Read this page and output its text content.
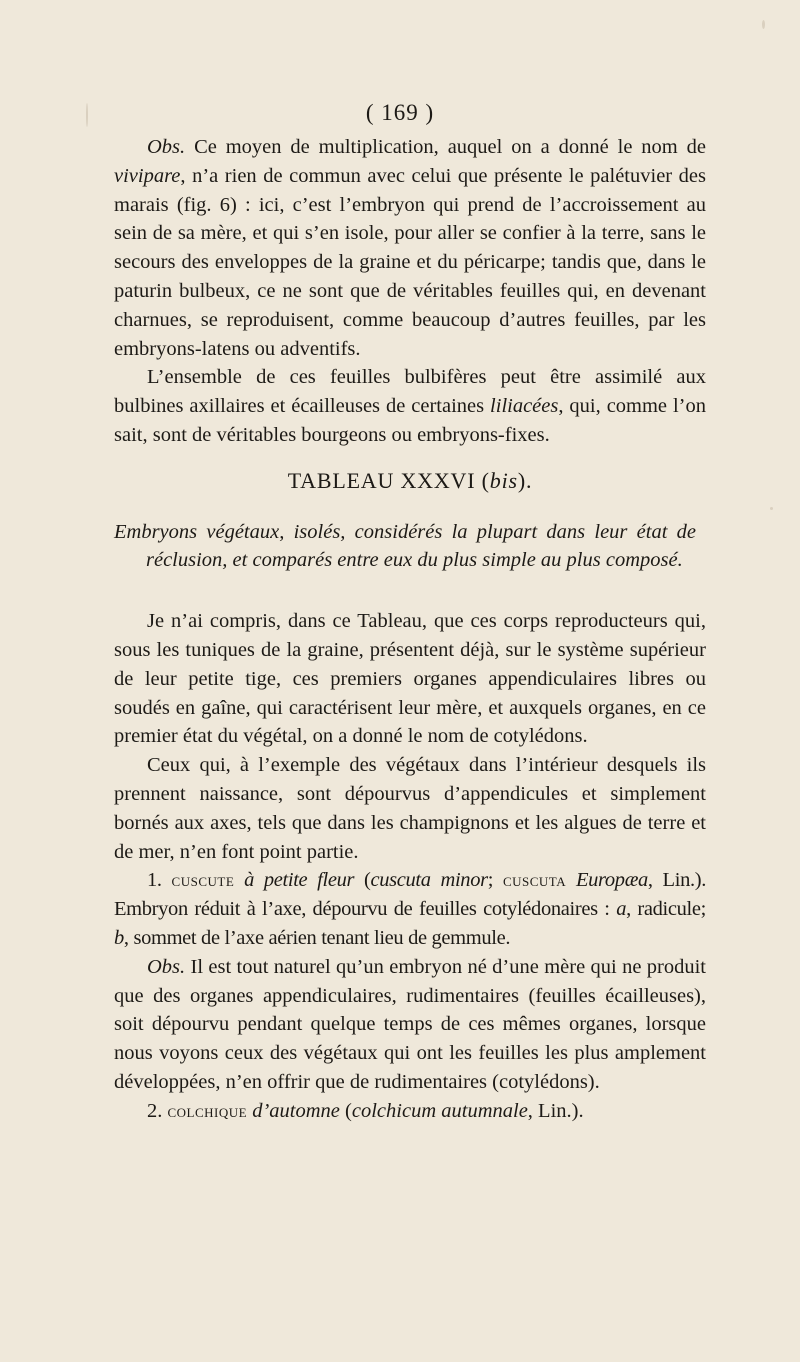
( 169 )

Obs. Ce moyen de multiplication, auquel on a donné le nom de vivipare, n’a rien de commun avec celui que présente le palétuvier des marais (fig. 6) : ici, c’est l’embryon qui prend de l’accroissement au sein de sa mère, et qui s’en isole, pour aller se confier à la terre, sans le secours des enveloppes de la graine et du péricarpe; tandis que, dans le paturin bulbeux, ce ne sont que de véritables feuilles qui, en devenant charnues, se reproduisent, comme beaucoup d’autres feuilles, par les embryons-latens ou adventifs.

L’ensemble de ces feuilles bulbifères peut être assimilé aux bulbines axillaires et écailleuses de certaines liliacées, qui, comme l’on sait, sont de véritables bourgeons ou embryons-fixes.

TABLEAU XXXVI (bis).

Embryons végétaux, isolés, considérés la plupart dans leur état de réclusion, et comparés entre eux du plus simple au plus composé.

Je n’ai compris, dans ce Tableau, que ces corps reproducteurs qui, sous les tuniques de la graine, présentent déjà, sur le système supérieur de leur petite tige, ces premiers organes appendiculaires libres ou soudés en gaîne, qui caractérisent leur mère, et auxquels organes, en ce premier état du végétal, on a donné le nom de cotylédons.

Ceux qui, à l’exemple des végétaux dans l’intérieur desquels ils prennent naissance, sont dépourvus d’appendicules et simplement bornés aux axes, tels que dans les champignons et les algues de terre et de mer, n’en font point partie.

1. cuscute à petite fleur (cuscuta minor; cuscuta Europæa, Lin.). Embryon réduit à l’axe, dépourvu de feuilles cotylédonaires : a, radicule; b, sommet de l’axe aérien tenant lieu de gemmule.

Obs. Il est tout naturel qu’un embryon né d’une mère qui ne produit que des organes appendiculaires, rudimentaires (feuilles écailleuses), soit dépourvu pendant quelque temps de ces mêmes organes, lorsque nous voyons ceux des végétaux qui ont les feuilles les plus amplement développées, n’en offrir que de rudimentaires (cotylédons).

2. colchique d’automne (colchicum autumnale, Lin.).
